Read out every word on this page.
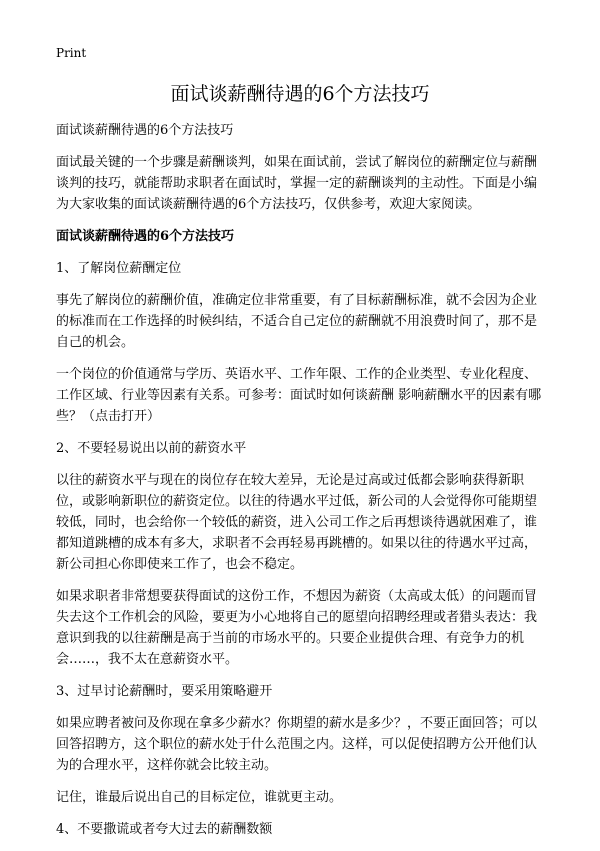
Print
面试谈薪酬待遇的6个方法技巧

面试谈薪酬待遇的6个方法技巧

面试最关键的一个步骤是薪酬谈判，如果在面试前，尝试了解岗位的薪酬定位与薪酬谈判的技巧，就能帮助求职者在面试时，掌握一定的薪酬谈判的主动性。下面是小编为大家收集的面试谈薪酬待遇的6个方法技巧，仅供参考，欢迎大家阅读。

面试谈薪酬待遇的6个方法技巧

1、了解岗位薪酬定位

事先了解岗位的薪酬价值，准确定位非常重要，有了目标薪酬标准，就不会因为企业的标准而在工作选择的时候纠结，不适合自己定位的薪酬就不用浪费时间了，那不是自己的机会。

一个岗位的价值通常与学历、英语水平、工作年限、工作的企业类型、专业化程度、工作区域、行业等因素有关系。可参考：面试时如何谈薪酬 影响薪酬水平的因素有哪些？（点击打开）

2、不要轻易说出以前的薪资水平

以往的薪资水平与现在的岗位存在较大差异，无论是过高或过低都会影响获得新职位，或影响新职位的薪资定位。以往的待遇水平过低，新公司的人会觉得你可能期望较低，同时，也会给你一个较低的薪资，进入公司工作之后再想谈待遇就困难了，谁都知道跳槽的成本有多大，求职者不会再轻易再跳槽的。如果以往的待遇水平过高，新公司担心你即使来工作了，也会不稳定。

如果求职者非常想要获得面试的这份工作，不想因为薪资（太高或太低）的问题而冒失去这个工作机会的风险，要更为小心地将自己的愿望向招聘经理或者猎头表达：我意识到我的以往薪酬是高于当前的市场水平的。只要企业提供合理、有竞争力的机会……，我不太在意薪资水平。

3、过早讨论薪酬时，要采用策略避开

如果应聘者被问及你现在拿多少薪水？你期望的薪水是多少？，不要正面回答；可以回答招聘方，这个职位的薪水处于什么范围之内。这样，可以促使招聘方公开他们认为的合理水平，这样你就会比较主动。

记住，谁最后说出自己的目标定位，谁就更主动。

4、不要撒谎或者夸大过去的薪酬数额
